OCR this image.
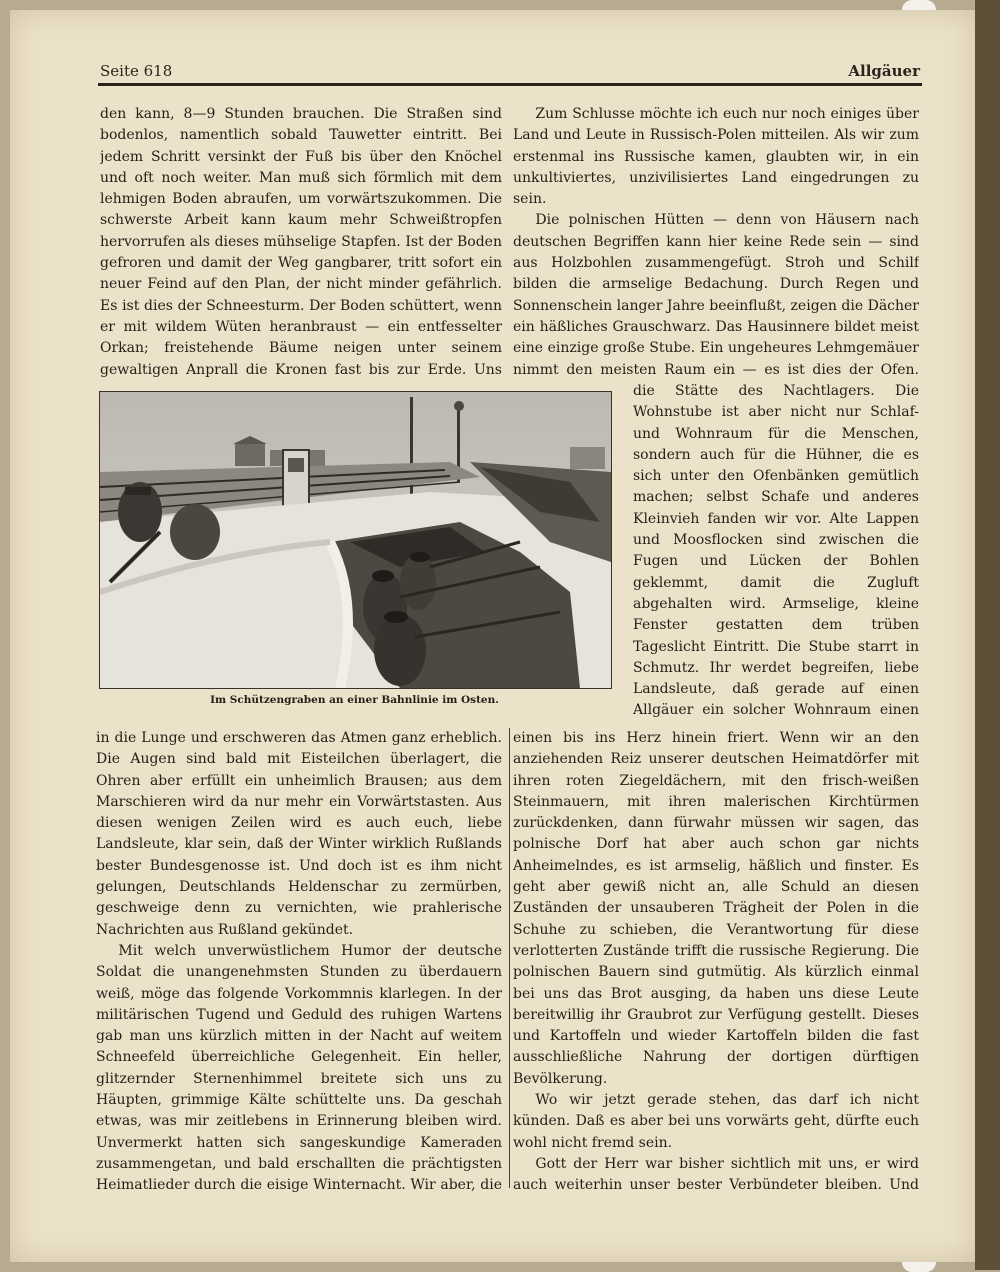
Seite 618	Allgäuer

den kann, 8—9 Stunden brauchen. Die Straßen sind bodenlos, namentlich sobald Tauwetter eintritt. Bei jedem Schritt versinkt der Fuß bis über den Knöchel und oft noch weiter. Man muß sich förmlich mit dem lehmigen Boden abraufen, um vorwärtszukommen. Die schwerste Arbeit kann kaum mehr Schweißtropfen hervorrufen als dieses mühselige Stapfen. Ist der Boden gefroren und damit der Weg gangbarer, tritt sofort ein neuer Feind auf den Plan, der nicht minder gefährlich. Es ist dies der Schneesturm. Der Boden schüttert, wenn er mit wildem Wüten heranbraust — ein entfesselter Orkan; freistehende Bäume neigen unter seinem gewaltigen Anprall die Kronen fast bis zur Erde. Uns

Zum Schlusse möchte ich euch nur noch einiges über Land und Leute in Russisch-Polen mitteilen. Als wir zum erstenmal ins Russische kamen, glaubten wir, in ein unkultiviertes, unzivilisiertes Land eingedrungen zu sein.
Die polnischen Hütten — denn von Häusern nach deutschen Begriffen kann hier keine Rede sein — sind aus Holzbohlen zusammengefügt. Stroh und Schilf bilden die armselige Bedachung. Durch Regen und Sonnenschein langer Jahre beeinflußt, zeigen die Dächer ein häßliches Grauschwarz. Das Hausinnere bildet meist eine einzige große Stube. Ein ungeheures Lehmgemäuer nimmt den meisten Raum ein — es ist dies der Ofen.
Im Schützengraben an einer Bahnlinie im Osten.
die Stätte des Nachtlagers. Die Wohnstube ist aber nicht nur Schlaf- und Wohnraum für die Menschen, sondern auch für die Hühner, die es sich unter den Ofenbänken gemütlich machen; selbst Schafe und anderes Kleinvieh fanden wir vor. Alte Lappen und Moosflocken sind zwischen die Fugen und Lücken der Bohlen geklemmt, damit die Zugluft abgehalten wird. Armselige, kleine Fenster gestatten dem trüben Tageslicht Eintritt. Die Stube starrt in Schmutz. Ihr werdet begreifen, liebe Landsleute, daß gerade auf einen Allgäuer ein solcher Wohnraum einen

in die Lunge und erschweren das Atmen ganz erheblich. Die Augen sind bald mit Eisteilchen überlagert, die Ohren aber erfüllt ein unheimlich Brausen; aus dem Marschieren wird da nur mehr ein Vorwärtstasten. Aus diesen wenigen Zeilen wird es auch euch, liebe Landsleute, klar sein, daß der Winter wirklich Rußlands bester Bundesgenosse ist. Und doch ist es ihm nicht gelungen, Deutschlands Heldenschar zu zermürben, geschweige denn zu vernichten, wie prahlerische Nachrichten aus Rußland gekündet.
Mit welch unverwüstlichem Humor der deutsche Soldat die unangenehmsten Stunden zu überdauern weiß, möge das folgende Vorkommnis klarlegen. In der militärischen Tugend und Geduld des ruhigen Wartens gab man uns kürzlich mitten in der Nacht auf weitem Schneefeld überreichliche Gelegenheit. Ein heller, glitzernder Sternenhimmel breitete sich uns zu Häupten, grimmige Kälte schüttelte uns. Da geschah etwas, was mir zeitlebens in Erinnerung bleiben wird. Unvermerkt hatten sich sangeskundige Kameraden zusammengetan, und bald erschallten die prächtigsten Heimatlieder durch die eisige Winternacht. Wir aber, die
einen bis ins Herz hinein friert. Wenn wir an den anziehenden Reiz unserer deutschen Heimatdörfer mit ihren roten Ziegeldächern, mit den frisch-weißen Steinmauern, mit ihren malerischen Kirchtürmen zurückdenken, dann fürwahr müssen wir sagen, das polnische Dorf hat aber auch schon gar nichts Anheimelndes, es ist armselig, häßlich und finster. Es geht aber gewiß nicht an, alle Schuld an diesen Zuständen der unsauberen Trägheit der Polen in die Schuhe zu schieben, die Verantwortung für diese verlotterten Zustände trifft die russische Regierung. Die polnischen Bauern sind gutmütig. Als kürzlich einmal bei uns das Brot ausging, da haben uns diese Leute bereitwillig ihr Graubrot zur Verfügung gestellt. Dieses und Kartoffeln und wieder Kartoffeln bilden die fast ausschließliche Nahrung der dortigen dürftigen Bevölkerung.
Wo wir jetzt gerade stehen, das darf ich nicht künden. Daß es aber bei uns vorwärts geht, dürfte euch wohl nicht fremd sein.
Gott der Herr war bisher sichtlich mit uns, er wird auch weiterhin unser bester Verbündeter bleiben. Und
